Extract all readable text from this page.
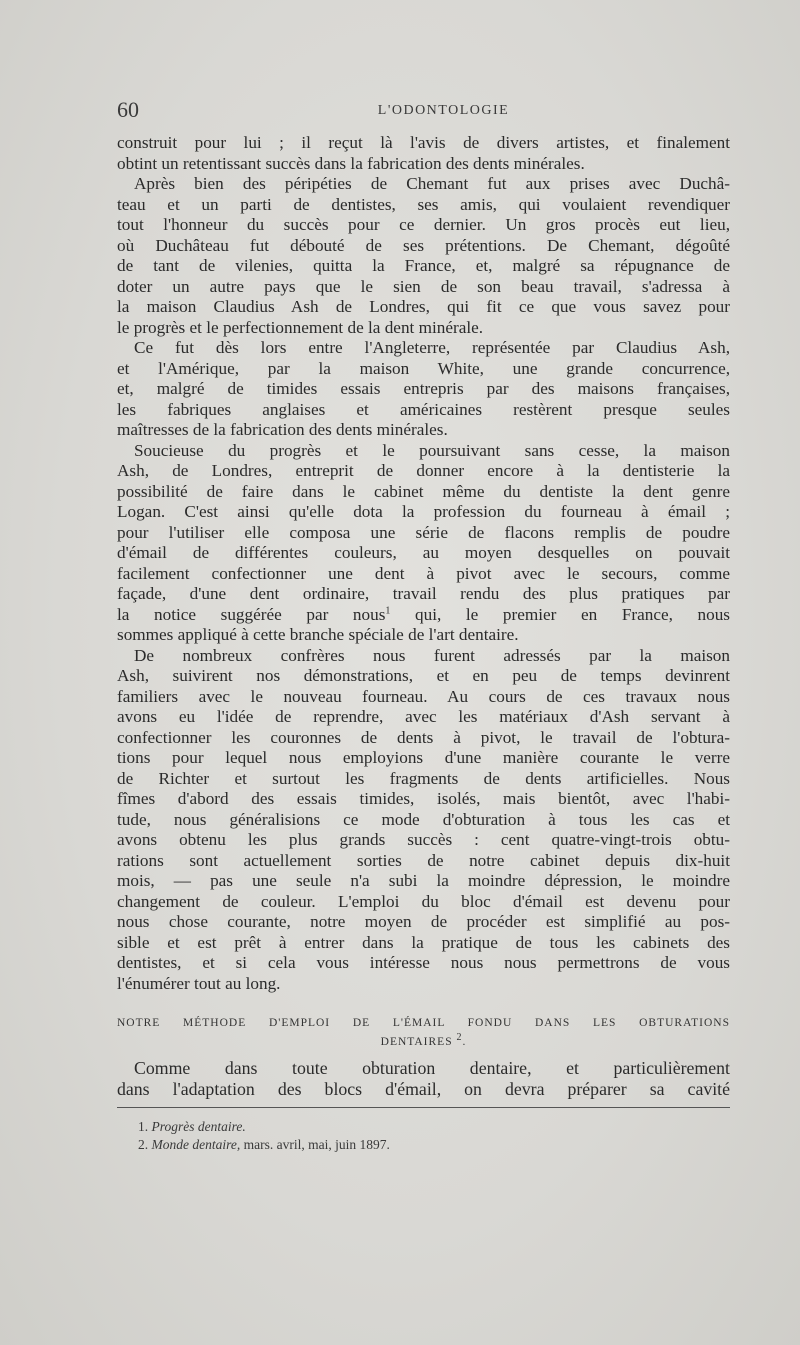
60	L'ODONTOLOGIE
construit pour lui ; il reçut là l'avis de divers artistes, et finalement
obtint un retentissant succès dans la fabrication des dents minérales.
Après bien des péripéties de Chemant fut aux prises avec Duchâ-
teau et un parti de dentistes, ses amis, qui voulaient revendiquer
tout l'honneur du succès pour ce dernier. Un gros procès eut lieu,
où Duchâteau fut débouté de ses prétentions. De Chemant, dégoûté
de tant de vilenies, quitta la France, et, malgré sa répugnance de
doter un autre pays que le sien de son beau travail, s'adressa à
la maison Claudius Ash de Londres, qui fit ce que vous savez pour
le progrès et le perfectionnement de la dent minérale.
Ce fut dès lors entre l'Angleterre, représentée par Claudius Ash,
et l'Amérique, par la maison White, une grande concurrence,
et, malgré de timides essais entrepris par des maisons françaises,
les fabriques anglaises et américaines restèrent presque seules
maîtresses de la fabrication des dents minérales.
Soucieuse du progrès et le poursuivant sans cesse, la maison
Ash, de Londres, entreprit de donner encore à la dentisterie la
possibilité de faire dans le cabinet même du dentiste la dent genre
Logan. C'est ainsi qu'elle dota la profession du fourneau à émail ;
pour l'utiliser elle composa une série de flacons remplis de poudre
d'émail de différentes couleurs, au moyen desquelles on pouvait
facilement confectionner une dent à pivot avec le secours, comme
façade, d'une dent ordinaire, travail rendu des plus pratiques par
la notice suggérée par nous$^1$ qui, le premier en France, nous
sommes appliqué à cette branche spéciale de l'art dentaire.
De nombreux confrères nous furent adressés par la maison
Ash, suivirent nos démonstrations, et en peu de temps devinrent
familiers avec le nouveau fourneau. Au cours de ces travaux nous
avons eu l'idée de reprendre, avec les matériaux d'Ash servant à
confectionner les couronnes de dents à pivot, le travail de l'obtura-
tions pour lequel nous employions d'une manière courante le verre
de Richter et surtout les fragments de dents artificielles. Nous
fîmes d'abord des essais timides, isolés, mais bientôt, avec l'habi-
tude, nous généralisions ce mode d'obturation à tous les cas et
avons obtenu les plus grands succès : cent quatre-vingt-trois obtu-
rations sont actuellement sorties de notre cabinet depuis dix-huit
mois, — pas une seule n'a subi la moindre dépression, le moindre
changement de couleur. L'emploi du bloc d'émail est devenu pour
nous chose courante, notre moyen de procéder est simplifié au pos-
sible et est prêt à entrer dans la pratique de tous les cabinets des
dentistes, et si cela vous intéresse nous nous permettrons de vous
l'énumérer tout au long.
NOTRE MÉTHODE D'EMPLOI DE L'ÉMAIL FONDU DANS LES OBTURATIONS
DENTAIRES $^2$.
Comme dans toute obturation dentaire, et particulièrement
dans l'adaptation des blocs d'émail, on devra préparer sa cavité
1. Progrès dentaire.
2. Monde dentaire, mars. avril, mai, juin 1897.
